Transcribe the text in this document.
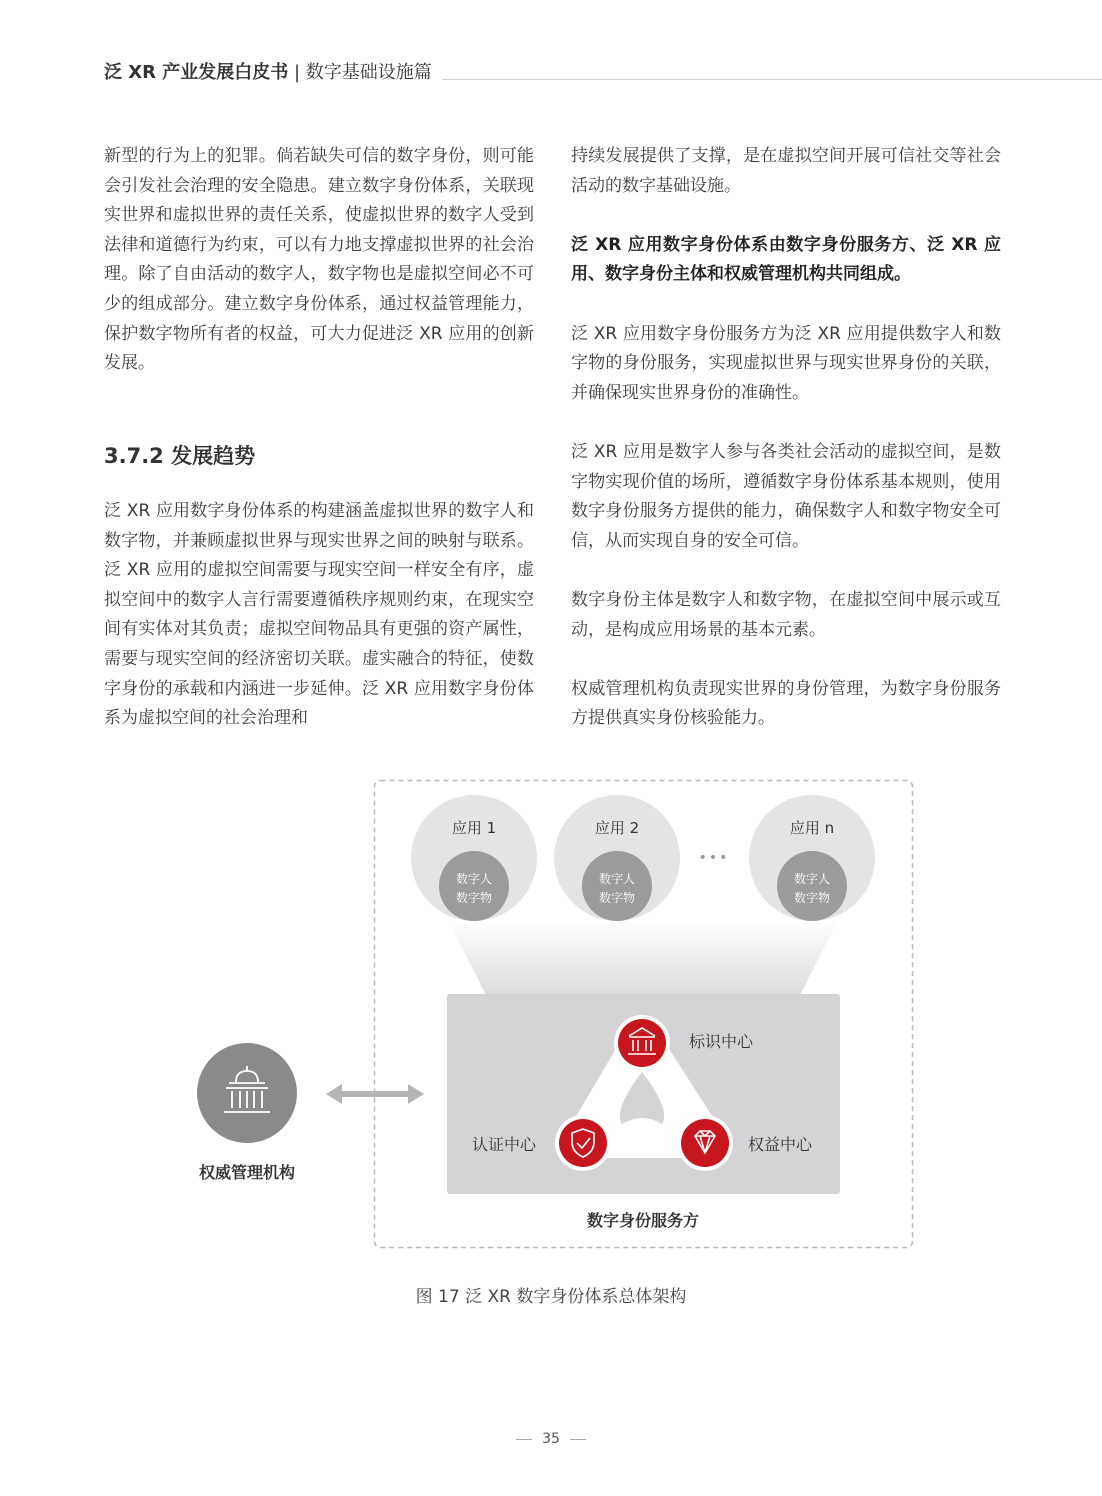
泛 XR 产业发展白皮书 | 数字基础设施篇

新型的行为上的犯罪。倘若缺失可信的数字身份，则可能会引发社会治理的安全隐患。建立数字身份体系，关联现实世界和虚拟世界的责任关系，使虚拟世界的数字人受到法律和道德行为约束，可以有力地支撑虚拟世界的社会治理。除了自由活动的数字人，数字物也是虚拟空间必不可少的组成部分。建立数字身份体系，通过权益管理能力，保护数字物所有者的权益，可大力促进泛 XR 应用的创新发展。

3.7.2 发展趋势

泛 XR 应用数字身份体系的构建涵盖虚拟世界的数字人和数字物，并兼顾虚拟世界与现实世界之间的映射与联系。泛 XR 应用的虚拟空间需要与现实空间一样安全有序，虚拟空间中的数字人言行需要遵循秩序规则约束，在现实空间有实体对其负责；虚拟空间物品具有更强的资产属性，需要与现实空间的经济密切关联。虚实融合的特征，使数字身份的承载和内涵进一步延伸。泛 XR 应用数字身份体系为虚拟空间的社会治理和

持续发展提供了支撑，是在虚拟空间开展可信社交等社会活动的数字基础设施。

泛 XR 应用数字身份体系由数字身份服务方、泛 XR 应用、数字身份主体和权威管理机构共同组成。

泛 XR 应用数字身份服务方为泛 XR 应用提供数字人和数字物的身份服务，实现虚拟世界与现实世界身份的关联，并确保现实世界身份的准确性。

泛 XR 应用是数字人参与各类社会活动的虚拟空间，是数字物实现价值的场所，遵循数字身份体系基本规则，使用数字身份服务方提供的能力，确保数字人和数字物安全可信，从而实现自身的安全可信。

数字身份主体是数字人和数字物，在虚拟空间中展示或互动，是构成应用场景的基本元素。

权威管理机构负责现实世界的身份管理，为数字身份服务方提供真实身份核验能力。

应用 1
数字人
数字物
应用 2
数字人
数字物
•••
应用 n
数字人
数字物
标识中心
认证中心	权益中心
数字身份服务方
权威管理机构
图 17 泛 XR 数字身份体系总体架构
35
